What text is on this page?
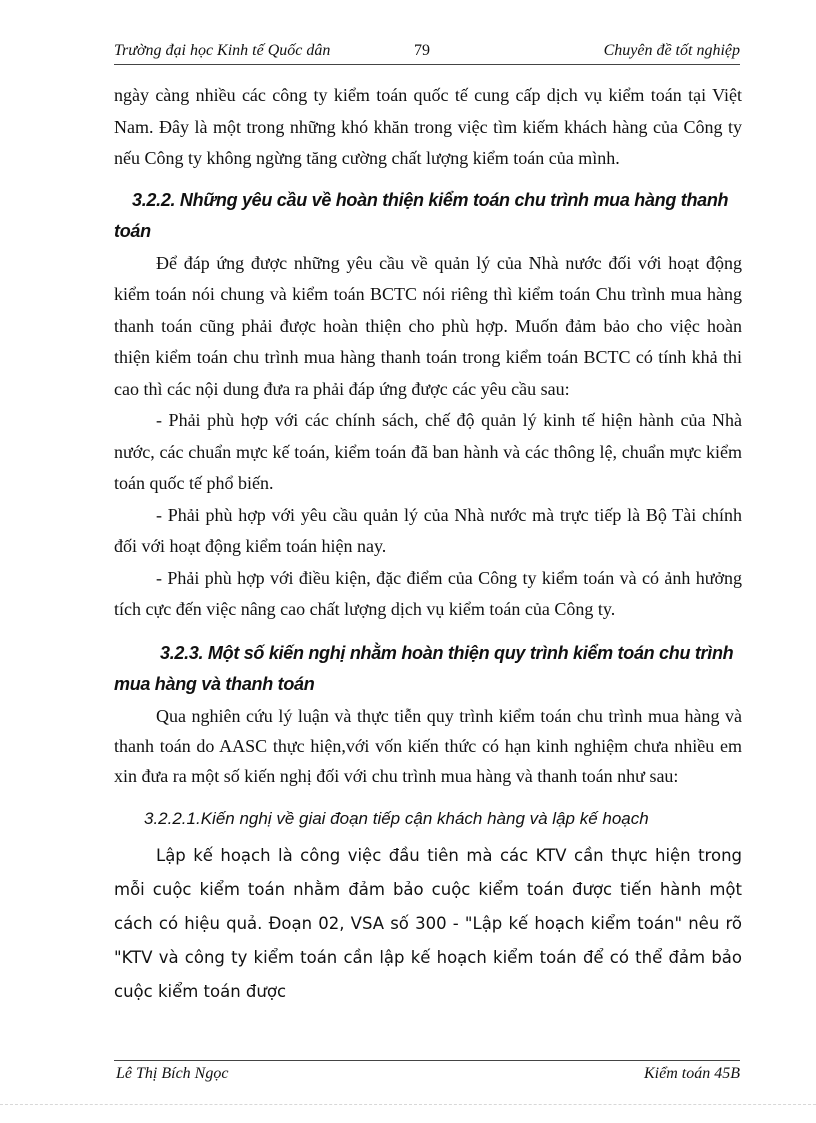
Trường đại học Kinh tế Quốc dân	79	Chuyên đề tốt nghiệp

ngày càng nhiều các công ty kiểm toán quốc tế cung cấp dịch vụ kiểm toán tại Việt Nam. Đây là một trong những khó khăn trong việc tìm kiếm khách hàng của Công ty nếu Công ty không ngừng tăng cường chất lượng kiểm toán của mình.

3.2.2. Những yêu cầu về hoàn thiện kiểm toán chu trình mua hàng thanh toán

Để đáp ứng được những yêu cầu về quản lý của Nhà nước đối với hoạt động kiểm toán nói chung và kiểm toán BCTC nói riêng thì kiểm toán Chu trình mua hàng thanh toán cũng phải được hoàn thiện cho phù hợp. Muốn đảm bảo cho việc hoàn thiện kiểm toán chu trình mua hàng thanh toán trong kiểm toán BCTC có tính khả thi cao thì các nội dung đưa ra phải đáp ứng được các yêu cầu sau:

- Phải phù hợp với các chính sách, chế độ quản lý kinh tế hiện hành của Nhà nước, các chuẩn mực kế toán, kiểm toán đã ban hành và các thông lệ, chuẩn mực kiểm toán quốc tế phổ biến.

- Phải phù hợp với yêu cầu quản lý của Nhà nước mà trực tiếp là Bộ Tài chính đối với hoạt động kiểm toán hiện nay.

- Phải phù hợp với điều kiện, đặc điểm của Công ty kiểm toán và có ảnh hưởng tích cực đến việc nâng cao chất lượng dịch vụ kiểm toán của Công ty.

3.2.3. Một số kiến nghị nhằm hoàn thiện quy trình kiểm toán chu trình mua hàng và thanh toán

Qua nghiên cứu lý luận và thực tiễn quy trình kiểm toán chu trình mua hàng và thanh toán do AASC thực hiện,với vốn kiến thức có hạn kinh nghiệm chưa nhiều em xin đưa ra một số kiến nghị đối với chu trình mua hàng và thanh toán như sau:

3.2.2.1.Kiến nghị về giai đoạn tiếp cận khách hàng và lập kế hoạch

Lập kế hoạch là công việc đầu tiên mà các KTV cần thực hiện trong mỗi cuộc kiểm toán nhằm đảm bảo cuộc kiểm toán được tiến hành một cách có hiệu quả. Đoạn 02, VSA số 300 - "Lập kế hoạch kiểm toán" nêu rõ "KTV và công ty kiểm toán cần lập kế hoạch kiểm toán để có thể đảm bảo cuộc kiểm toán được

Lê Thị Bích Ngọc	Kiểm toán 45B
